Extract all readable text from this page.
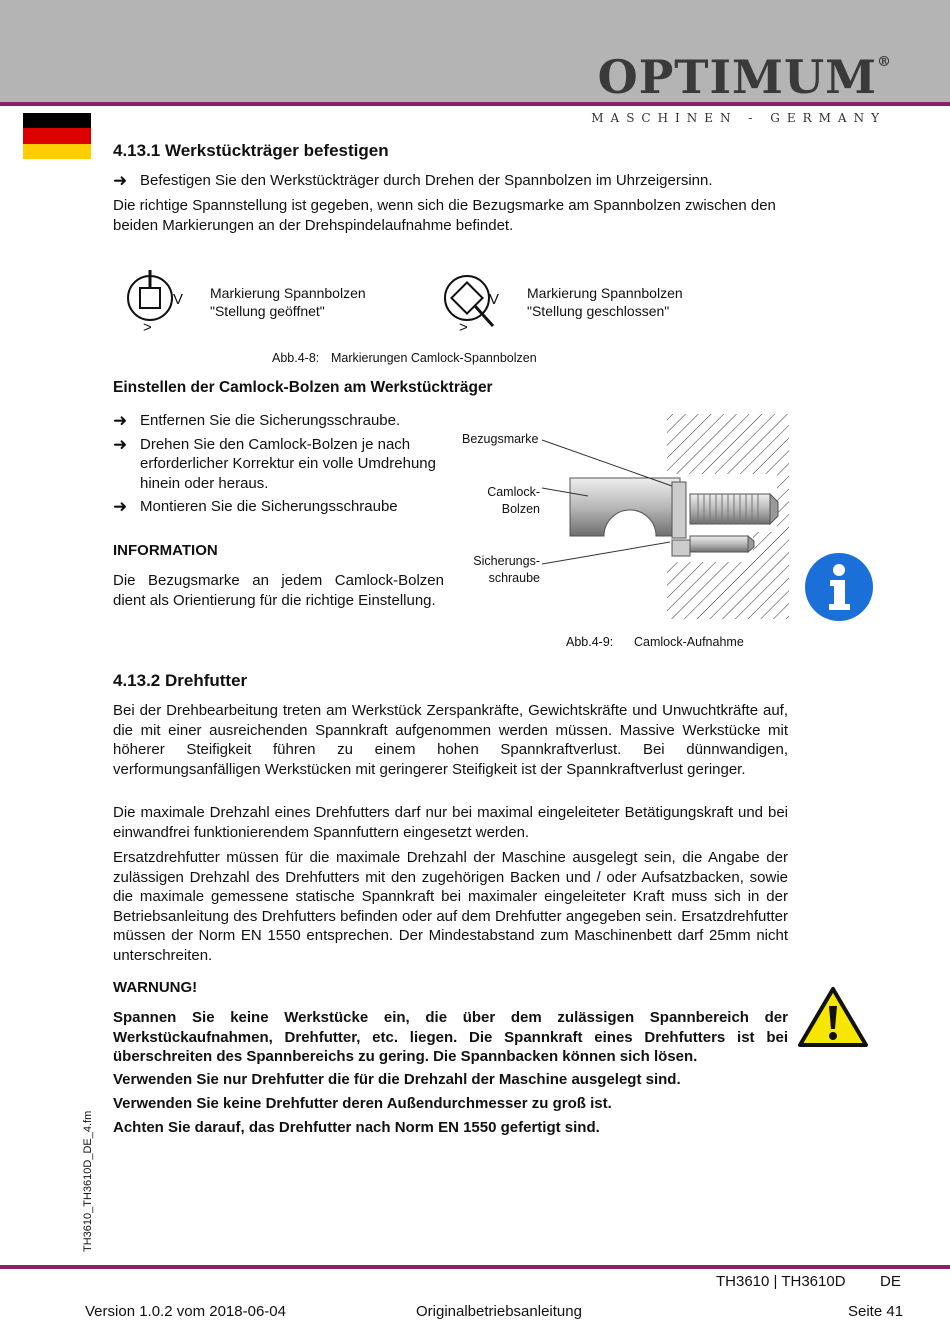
OPTIMUM®
MASCHINEN - GERMANY
4.13.1 Werkstückträger befestigen
➜ Befestigen Sie den Werkstückträger durch Drehen der Spannbolzen im Uhrzeigersinn.
Die richtige Spannstellung ist gegeben, wenn sich die Bezugsmarke am Spannbolzen zwischen den beiden Markierungen an der Drehspindelaufnahme befindet.
V
>
Markierung Spannbolzen
"Stellung geöffnet"
V
>
Markierung Spannbolzen
"Stellung geschlossen"
Abb.4-8: Markierungen Camlock-Spannbolzen
Einstellen der Camlock-Bolzen am Werkstückträger
➜ Entfernen Sie die Sicherungsschraube.
➜ Drehen Sie den Camlock-Bolzen je nach erforderlicher Korrektur ein volle Umdrehung hinein oder heraus.
➜ Montieren Sie die Sicherungsschraube
INFORMATION
Die Bezugsmarke an jedem Camlock-Bolzen dient als Orientierung für die richtige Einstellung.
Bezugsmarke
Camlock-
Bolzen
Sicherungs-
schraube
Abb.4-9: Camlock-Aufnahme
4.13.2 Drehfutter
Bei der Drehbearbeitung treten am Werkstück Zerspankräfte, Gewichtskräfte und Unwuchtkräfte auf, die mit einer ausreichenden Spannkraft aufgenommen werden müssen. Massive Werkstücke mit höherer Steifigkeit führen zu einem hohen Spannkraftverlust. Bei dünnwandigen, verformungsanfälligen Werkstücken mit geringerer Steifigkeit ist der Spannkraftverlust geringer.
Die maximale Drehzahl eines Drehfutters darf nur bei maximal eingeleiteter Betätigungskraft und bei einwandfrei funktionierendem Spannfuttern eingesetzt werden.
Ersatzdrehfutter müssen für die maximale Drehzahl der Maschine ausgelegt sein, die Angabe der zulässigen Drehzahl des Drehfutters mit den zugehörigen Backen und / oder Aufsatzbacken, sowie die maximale gemessene statische Spannkraft bei maximaler eingeleiteter Kraft muss sich in der Betriebsanleitung des Drehfutters befinden oder auf dem Drehfutter angegeben sein. Ersatzdrehfutter müssen der Norm EN 1550 entsprechen. Der Mindestabstand zum Maschinenbett darf 25mm nicht unterschreiten.
WARNUNG!
Spannen Sie keine Werkstücke ein, die über dem zulässigen Spannbereich der Werkstückaufnahmen, Drehfutter, etc. liegen. Die Spannkraft eines Drehfutters ist bei überschreiten des Spannbereichs zu gering. Die Spannbacken können sich lösen.
Verwenden Sie nur Drehfutter die für die Drehzahl der Maschine ausgelegt sind.
Verwenden Sie keine Drehfutter deren Außendurchmesser zu groß ist.
Achten Sie darauf, das Drehfutter nach Norm EN 1550 gefertigt sind.
TH3610_TH3610D_DE_4.fm
TH3610 | TH3610D DE
Version 1.0.2 vom 2018-06-04	Originalbetriebsanleitung	Seite 41
